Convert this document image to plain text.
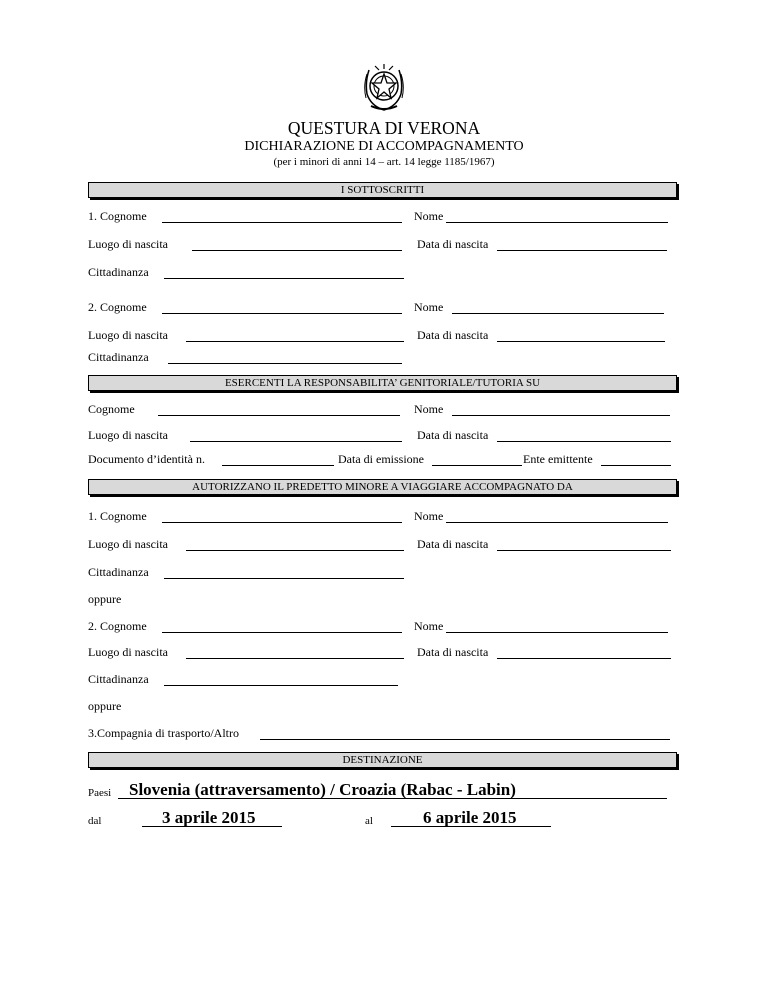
QUESTURA DI VERONA
DICHIARAZIONE DI ACCOMPAGNAMENTO
(per i minori di anni 14 – art. 14 legge 1185/1967)
I SOTTOSCRITTI
1. Cognome	Nome
Luogo di nascita	Data di nascita
Cittadinanza
2. Cognome	Nome
Luogo di nascita	Data di nascita
Cittadinanza
ESERCENTI LA RESPONSABILITA’ GENITORIALE/TUTORIA SU
Cognome	Nome
Luogo di nascita	Data di nascita
Documento d’identità n.	Data di emissione	Ente emittente
AUTORIZZANO IL PREDETTO MINORE A VIAGGIARE ACCOMPAGNATO DA
1. Cognome	Nome
Luogo di nascita	Data di nascita
Cittadinanza
oppure
2. Cognome	Nome
Luogo di nascita	Data di nascita
Cittadinanza
oppure
3.Compagnia di trasporto/Altro
DESTINAZIONE
Paesi Slovenia (attraversamento) / Croazia (Rabac - Labin)
dal	3 aprile 2015	al	6 aprile 2015
